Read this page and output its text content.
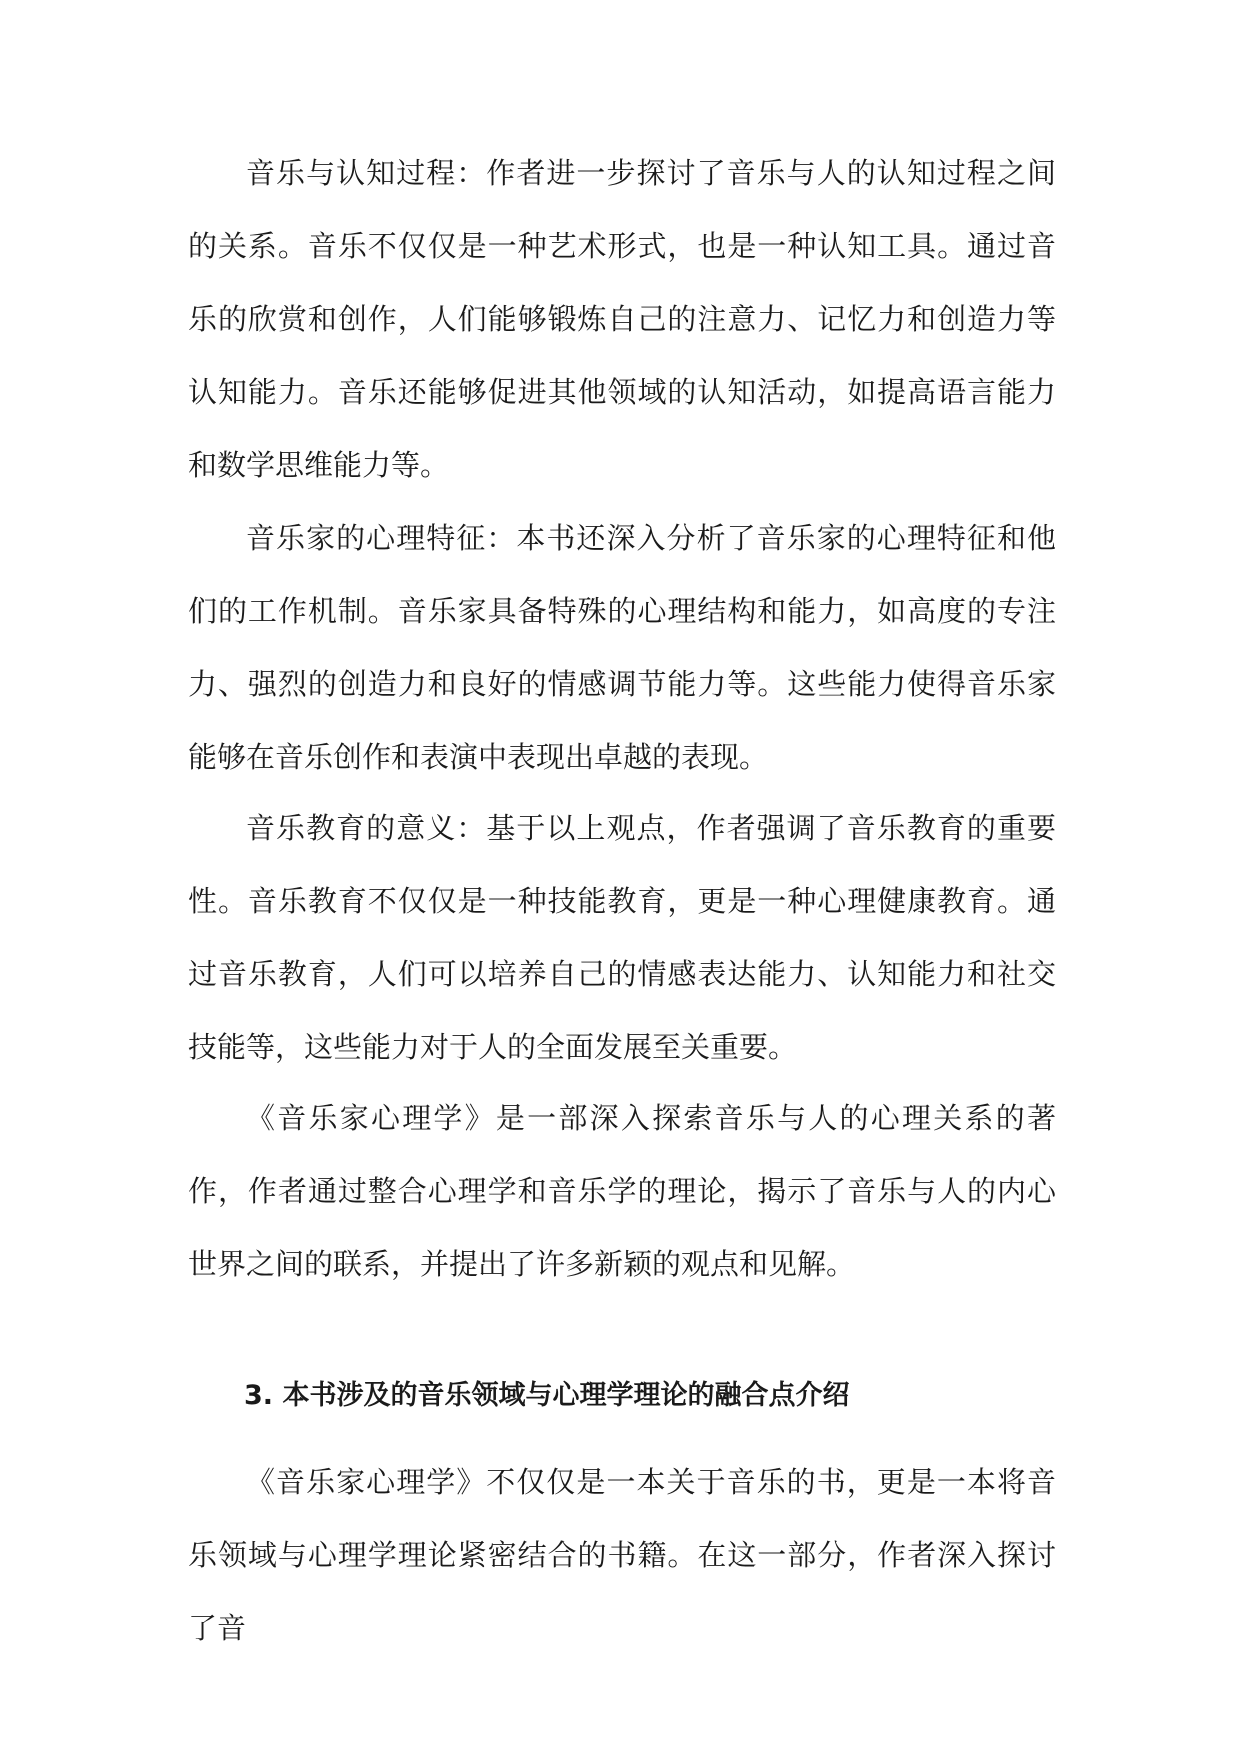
音乐与认知过程：作者进一步探讨了音乐与人的认知过程之间的关系。音乐不仅仅是一种艺术形式，也是一种认知工具。通过音乐的欣赏和创作，人们能够锻炼自己的注意力、记忆力和创造力等认知能力。音乐还能够促进其他领域的认知活动，如提高语言能力和数学思维能力等。

音乐家的心理特征：本书还深入分析了音乐家的心理特征和他们的工作机制。音乐家具备特殊的心理结构和能力，如高度的专注力、强烈的创造力和良好的情感调节能力等。这些能力使得音乐家能够在音乐创作和表演中表现出卓越的表现。

音乐教育的意义：基于以上观点，作者强调了音乐教育的重要性。音乐教育不仅仅是一种技能教育，更是一种心理健康教育。通过音乐教育，人们可以培养自己的情感表达能力、认知能力和社交技能等，这些能力对于人的全面发展至关重要。

《音乐家心理学》是一部深入探索音乐与人的心理关系的著作，作者通过整合心理学和音乐学的理论，揭示了音乐与人的内心世界之间的联系，并提出了许多新颖的观点和见解。

3. 本书涉及的音乐领域与心理学理论的融合点介绍

《音乐家心理学》不仅仅是一本关于音乐的书，更是一本将音乐领域与心理学理论紧密结合的书籍。在这一部分，作者深入探讨了音
